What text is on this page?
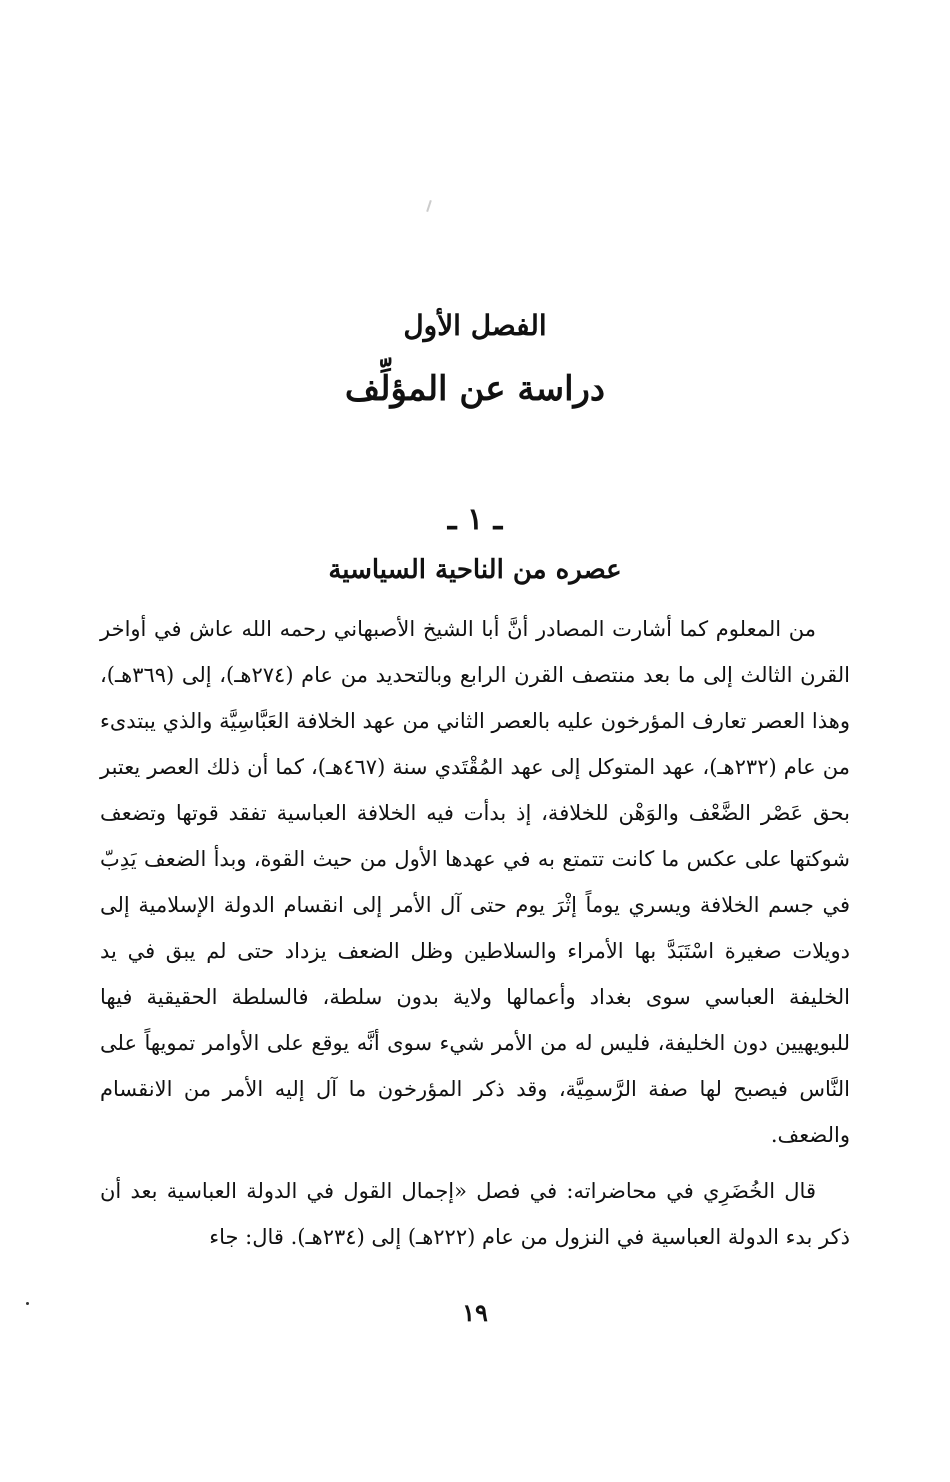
الفصل الأول
دراسة عن المؤلِّف
ـ ١ ـ
عصره من الناحية السياسية

من المعلوم كما أشارت المصادر أنَّ أبا الشيخ الأصبهاني رحمه الله عاش في أواخر القرن الثالث إلى ما بعد منتصف القرن الرابع وبالتحديد من عام (٢٧٤هـ)، إلى (٣٦٩هـ)، وهذا العصر تعارف المؤرخون عليه بالعصر الثاني من عهد الخلافة العَبَّاسِيَّة والذي يبتدىء من عام (٢٣٢هـ)، عهد المتوكل إلى عهد المُقْتَدي سنة (٤٦٧هـ)، كما أن ذلك العصر يعتبر بحق عَصْر الضَّعْف والوَهْن للخلافة، إذ بدأت فيه الخلافة العباسية تفقد قوتها وتضعف شوكتها على عكس ما كانت تتمتع به في عهدها الأول من حيث القوة، وبدأ الضعف يَدِبّ في جسم الخلافة ويسري يوماً إثْرَ يوم حتى آل الأمر إلى انقسام الدولة الإسلامية إلى دويلات صغيرة اسْتَبَدَّ بها الأمراء والسلاطين وظل الضعف يزداد حتى لم يبق في يد الخليفة العباسي سوى بغداد وأعمالها ولاية بدون سلطة، فالسلطة الحقيقية فيها للبويهيين دون الخليفة، فليس له من الأمر شيء سوى أنَّه يوقع على الأوامر تمويهاً على النَّاس فيصبح لها صفة الرَّسمِيَّة، وقد ذكر المؤرخون ما آل إليه الأمر من الانقسام والضعف.

قال الخُضَرِي في محاضراته: في فصل «إجمال القول في الدولة العباسية بعد أن ذكر بدء الدولة العباسية في النزول من عام (٢٢٢هـ) إلى (٢٣٤هـ). قال: جاء

١٩
